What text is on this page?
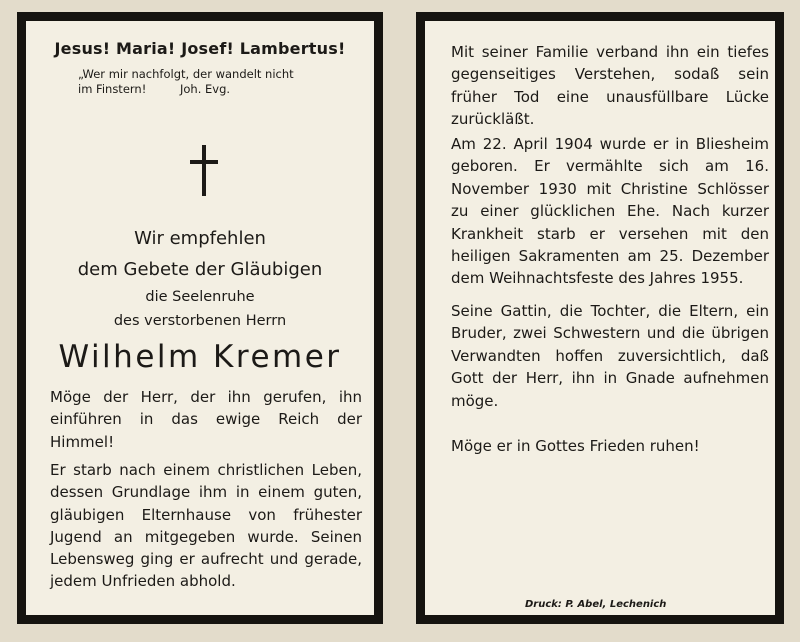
Jesus! Maria! Josef! Lambertus!
„Wer mir nachfolgt, der wandelt nicht
im Finstern!	Joh. Evg.
Wir empfehlen
dem Gebete der Gläubigen
die Seelenruhe
des verstorbenen Herrn
Wilhelm Kremer
Möge der Herr, der ihn gerufen, ihn einführen in das ewige Reich der Himmel!
Er starb nach einem christlichen Leben, dessen Grundlage ihm in einem guten, gläubigen Elternhause von frühester Jugend an mitgegeben wurde. Seinen Lebensweg ging er aufrecht und gerade, jedem Unfrieden abhold.
Mit seiner Familie verband ihn ein tiefes gegenseitiges Verstehen, sodaß sein früher Tod eine unausfüllbare Lücke zurückläßt.
Am 22. April 1904 wurde er in Bliesheim geboren. Er vermählte sich am 16. November 1930 mit Christine Schlösser zu einer glücklichen Ehe. Nach kurzer Krankheit starb er versehen mit den heiligen Sakramenten am 25. Dezember dem Weihnachtsfeste des Jahres 1955.
Seine Gattin, die Tochter, die Eltern, ein Bruder, zwei Schwestern und die übrigen Verwandten hoffen zuversichtlich, daß Gott der Herr, ihn in Gnade aufnehmen möge.
Möge er in Gottes Frieden ruhen!
Druck: P. Abel, Lechenich
